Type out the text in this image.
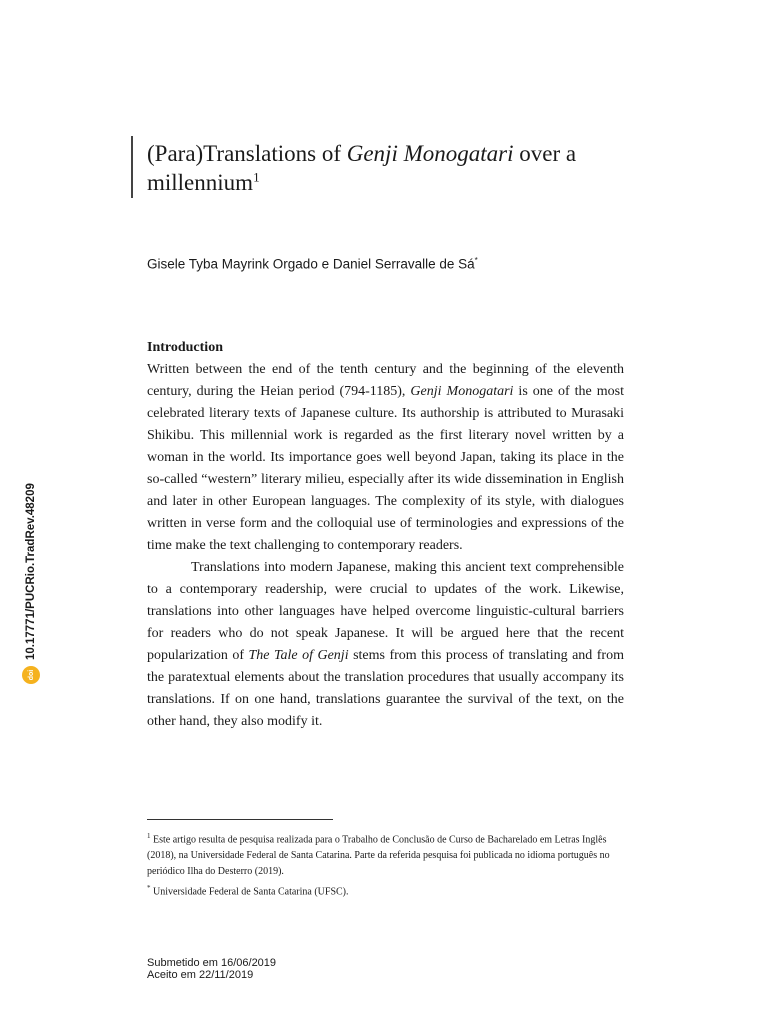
doi
10.17771/PUCRio.TradRev.48209
(Para)Translations of Genji Monogatari over a millennium$^1$
Gisele Tyba Mayrink Orgado e Daniel Serravalle de Sá*
Introduction

Written between the end of the tenth century and the beginning of the eleventh century, during the Heian period (794-1185), Genji Monogatari is one of the most celebrated literary texts of Japanese culture. Its authorship is attributed to Murasaki Shikibu. This millennial work is regarded as the first literary novel written by a woman in the world. Its importance goes well beyond Japan, taking its place in the so-called “western” literary milieu, especially after its wide dissemination in English and later in other European languages. The complexity of its style, with dialogues written in verse form and the colloquial use of terminologies and expressions of the time make the text challenging to contemporary readers.

Translations into modern Japanese, making this ancient text comprehensible to a contemporary readership, were crucial to updates of the work. Likewise, translations into other languages have helped overcome linguistic-cultural barriers for readers who do not speak Japanese. It will be argued here that the recent popularization of The Tale of Genji stems from this process of translating and from the paratextual elements about the translation procedures that usually accompany its translations. If on one hand, translations guarantee the survival of the text, on the other hand, they also modify it.

$^1$ Este artigo resulta de pesquisa realizada para o Trabalho de Conclusão de Curso de Bacharelado em Letras Inglês (2018), na Universidade Federal de Santa Catarina. Parte da referida pesquisa foi publicada no idioma português no periódico Ilha do Desterro (2019).

* Universidade Federal de Santa Catarina (UFSC).

Submetido em 16/06/2019
Aceito em 22/11/2019
